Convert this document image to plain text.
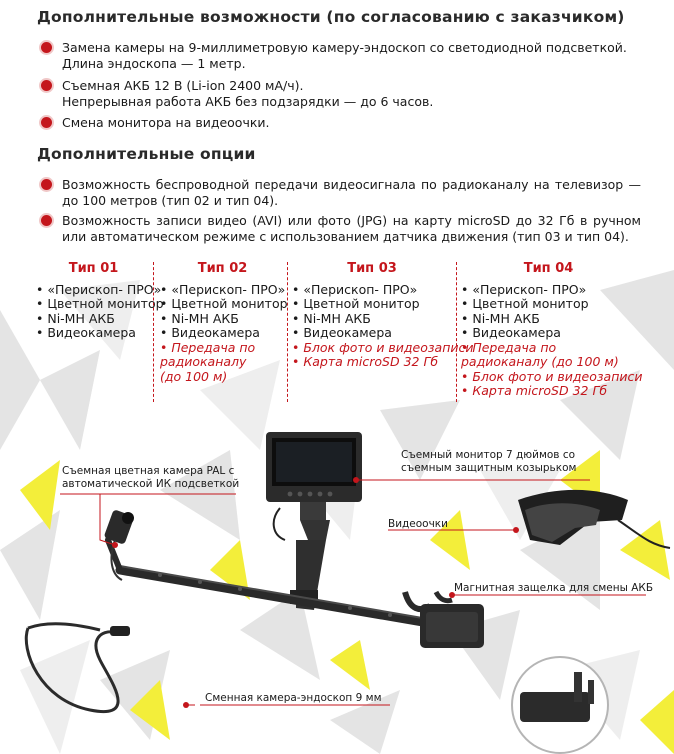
Дополнительные возможности (по согласованию с заказчиком)
Замена камеры на 9-миллиметровую камеру-эндоскоп со светодиодной подсветкой.
Длина эндоскопа — 1 метр.
Съемная АКБ 12 В (Li-ion 2400 мА/ч).
Непрерывная работа АКБ без подзарядки — до 6 часов.
Смена монитора на видеоочки.
Дополнительные опции
Возможность беспроводной передачи видеосигнала по радиоканалу на телевизор — до 100 метров (тип 02 и тип 04).
Возможность записи видео (AVI) или фото (JPG) на карту microSD до 32 Гб в ручном или автоматическом режиме с использованием датчика движения (тип 03 и тип 04).
Тип 01
• «Перископ- ПРО»
• Цветной монитор
• Ni-MH АКБ
• Видеокамера
Тип 02
• «Перископ- ПРО»
• Цветной монитор
• Ni-MH АКБ
• Видеокамера
• Передача по радиоканалу (до 100 м)
Тип 03
• «Перископ- ПРО»
• Цветной монитор
• Ni-MH АКБ
• Видеокамера
• Блок фото и видеозаписи
• Карта microSD 32 Гб
Тип 04
• «Перископ- ПРО»
• Цветной монитор
• Ni-MH АКБ
• Видеокамера
• Передача по радиоканалу (до 100 м)
• Блок фото и видеозаписи
• Карта microSD 32 Гб
Съемная цветная камера PAL с
автоматической ИК подсветкой
Съемный монитор 7 дюймов со
съемным защитным козырьком
Видеоочки
Магнитная защелка для смены АКБ
Сменная камера-эндоскоп 9 мм
